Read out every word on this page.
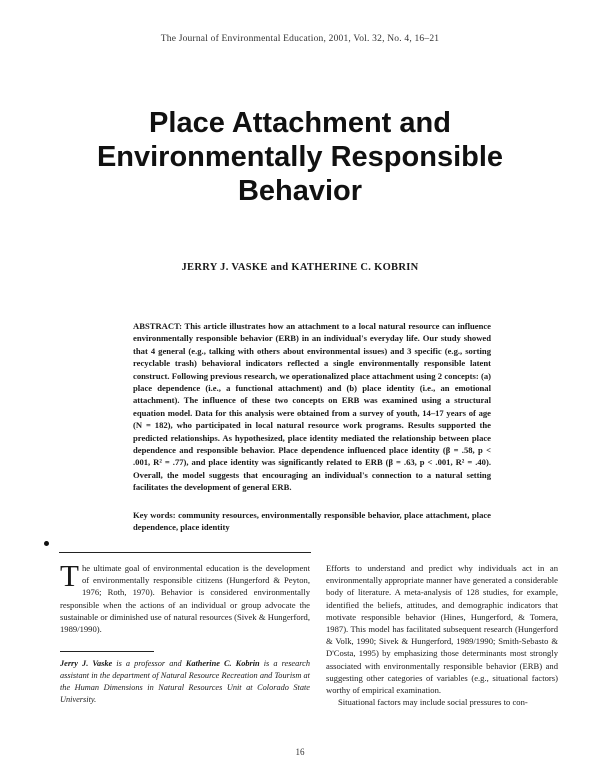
The Journal of Environmental Education, 2001, Vol. 32, No. 4, 16–21
Place Attachment and Environmentally Responsible Behavior
JERRY J. VASKE and KATHERINE C. KOBRIN
ABSTRACT: This article illustrates how an attachment to a local natural resource can influence environmentally responsible behavior (ERB) in an individual's everyday life. Our study showed that 4 general (e.g., talking with others about environmental issues) and 3 specific (e.g., sorting recyclable trash) behavioral indicators reflected a single environmentally responsible latent construct. Following previous research, we operationalized place attachment using 2 concepts: (a) place dependence (i.e., a functional attachment) and (b) place identity (i.e., an emotional attachment). The influence of these two concepts on ERB was examined using a structural equation model. Data for this analysis were obtained from a survey of youth, 14–17 years of age (N = 182), who participated in local natural resource work programs. Results supported the predicted relationships. As hypothesized, place identity mediated the relationship between place dependence and responsible behavior. Place dependence influenced place identity (β = .58, p < .001, R² = .77), and place identity was significantly related to ERB (β = .63, p < .001, R² = .40). Overall, the model suggests that encouraging an individual's connection to a natural setting facilitates the development of general ERB.
Key words: community resources, environmentally responsible behavior, place attachment, place dependence, place identity
The ultimate goal of environmental education is the development of environmentally responsible citizens (Hungerford & Peyton, 1976; Roth, 1970). Behavior is considered environmentally responsible when the actions of an individual or group advocate the sustainable or diminished use of natural resources (Sivek & Hungerford, 1989/1990).
Jerry J. Vaske is a professor and Katherine C. Kobrin is a research assistant in the department of Natural Resource Recreation and Tourism at the Human Dimensions in Natural Resources Unit at Colorado State University.
Efforts to understand and predict why individuals act in an environmentally appropriate manner have generated a considerable body of literature. A meta-analysis of 128 studies, for example, identified the beliefs, attitudes, and demographic indicators that motivate responsible behavior (Hines, Hungerford, & Tomera, 1987). This model has facilitated subsequent research (Hungerford & Volk, 1990; Sivek & Hungerford, 1989/1990; Smith-Sebasto & D'Costa, 1995) by emphasizing those determinants most strongly associated with environmentally responsible behavior (ERB) and suggesting other categories of variables (e.g., situational factors) worthy of empirical examination.
Situational factors may include social pressures to con-
16
